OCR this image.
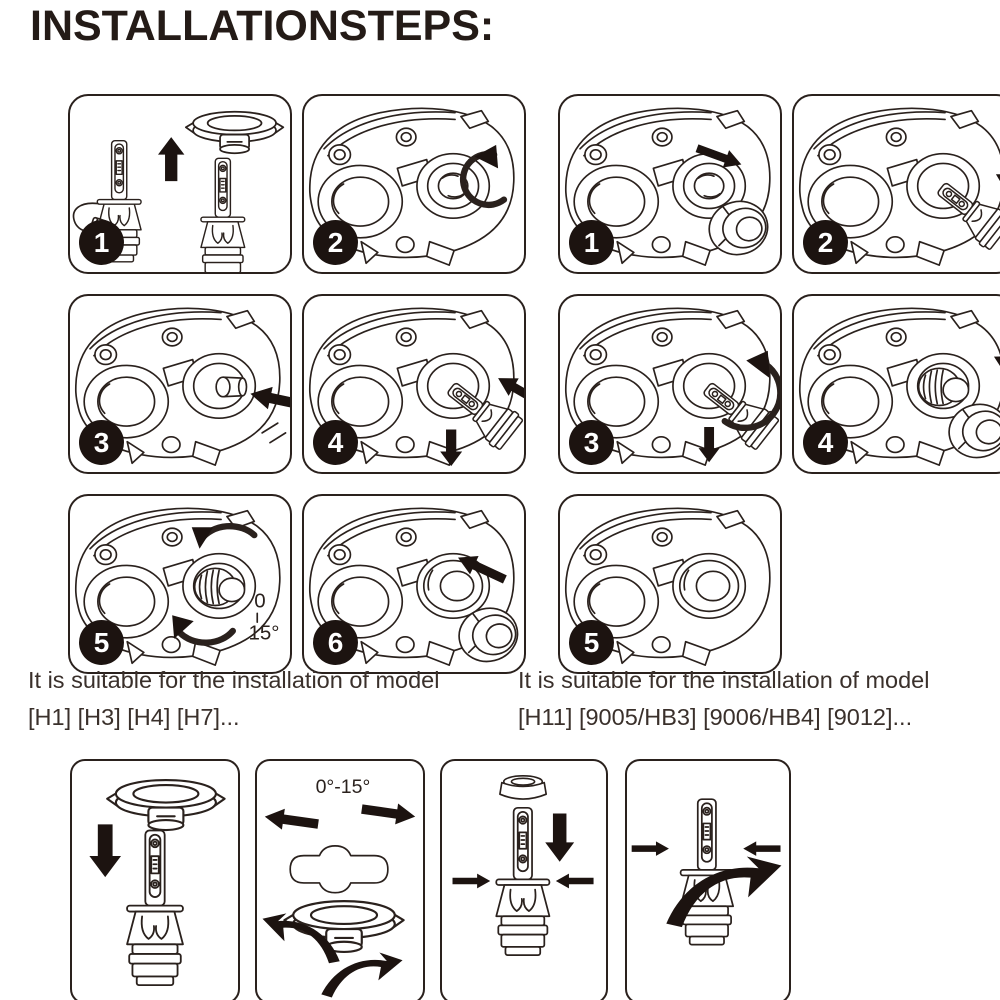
INSTALLATIONSTEPS:
1	2
3	4
0
15°
5	6
1	2
3	4
5

It is suitable for the installation of model

[H1] [H3] [H4] [H7]...

It is suitable for the installation of model

[H11] [9005/HB3] [9006/HB4] [9012]...

0°-15°
